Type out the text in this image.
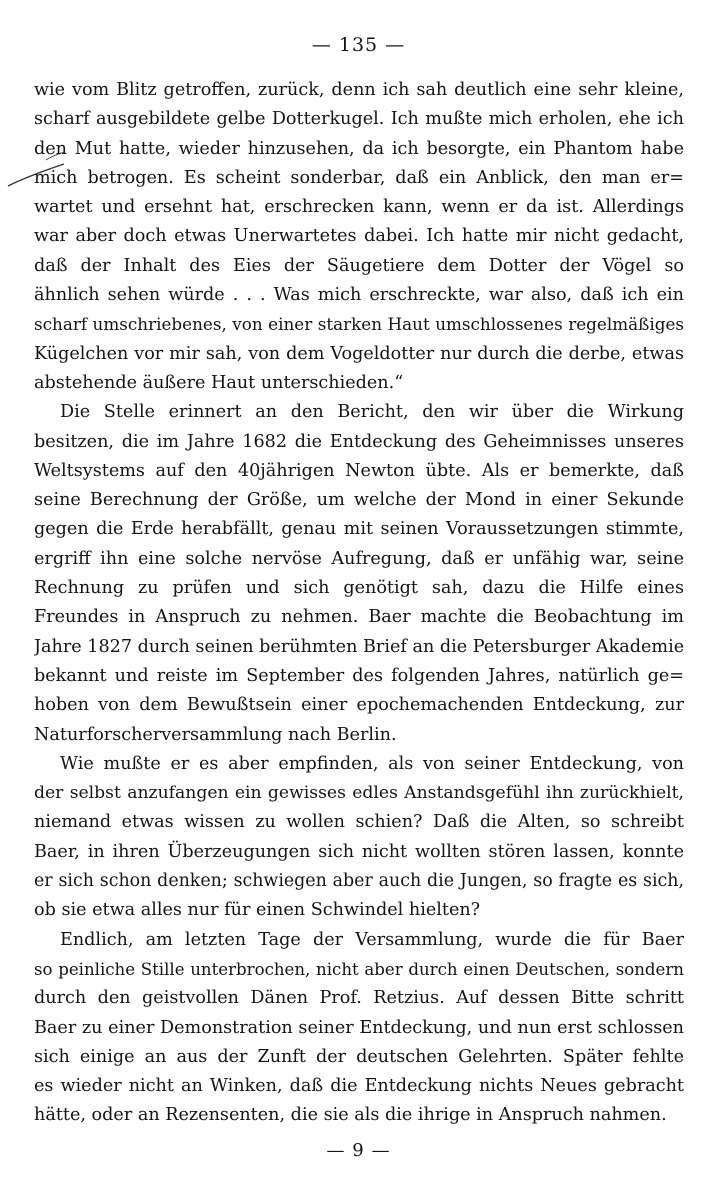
— 135 —

wie vom Blitz getroffen, zurück, denn ich sah deutlich eine sehr kleine,
scharf ausgebildete gelbe Dotterkugel. Ich mußte mich erholen, ehe ich
den Mut hatte, wieder hinzusehen, da ich besorgte, ein Phantom habe
mich betrogen. Es scheint sonderbar, daß ein Anblick, den man er=
wartet und ersehnt hat, erschrecken kann, wenn er da ist. Allerdings
war aber doch etwas Unerwartetes dabei. Ich hatte mir nicht gedacht,
daß der Inhalt des Eies der Säugetiere dem Dotter der Vögel so
ähnlich sehen würde . . . Was mich erschreckte, war also, daß ich ein
scharf umschriebenes, von einer starken Haut umschlossenes regelmäßiges
Kügelchen vor mir sah, von dem Vogeldotter nur durch die derbe, etwas
abstehende äußere Haut unterschieden.“

Die Stelle erinnert an den Bericht, den wir über die Wirkung
besitzen, die im Jahre 1682 die Entdeckung des Geheimnisses unseres
Weltsystems auf den 40jährigen Newton übte. Als er bemerkte, daß
seine Berechnung der Größe, um welche der Mond in einer Sekunde
gegen die Erde herabfällt, genau mit seinen Voraussetzungen stimmte,
ergriff ihn eine solche nervöse Aufregung, daß er unfähig war, seine
Rechnung zu prüfen und sich genötigt sah, dazu die Hilfe eines
Freundes in Anspruch zu nehmen. Baer machte die Beobachtung im
Jahre 1827 durch seinen berühmten Brief an die Petersburger Akademie
bekannt und reiste im September des folgenden Jahres, natürlich ge=
hoben von dem Bewußtsein einer epochemachenden Entdeckung, zur
Naturforscherversammlung nach Berlin.

Wie mußte er es aber empfinden, als von seiner Entdeckung, von
der selbst anzufangen ein gewisses edles Anstandsgefühl ihn zurückhielt,
niemand etwas wissen zu wollen schien? Daß die Alten, so schreibt
Baer, in ihren Überzeugungen sich nicht wollten stören lassen, konnte
er sich schon denken; schwiegen aber auch die Jungen, so fragte es sich,
ob sie etwa alles nur für einen Schwindel hielten?

Endlich, am letzten Tage der Versammlung, wurde die für Baer
so peinliche Stille unterbrochen, nicht aber durch einen Deutschen, sondern
durch den geistvollen Dänen Prof. Retzius. Auf dessen Bitte schritt
Baer zu einer Demonstration seiner Entdeckung, und nun erst schlossen
sich einige an aus der Zunft der deutschen Gelehrten. Später fehlte
es wieder nicht an Winken, daß die Entdeckung nichts Neues gebracht
hätte, oder an Rezensenten, die sie als die ihrige in Anspruch nahmen.

— 9 —
